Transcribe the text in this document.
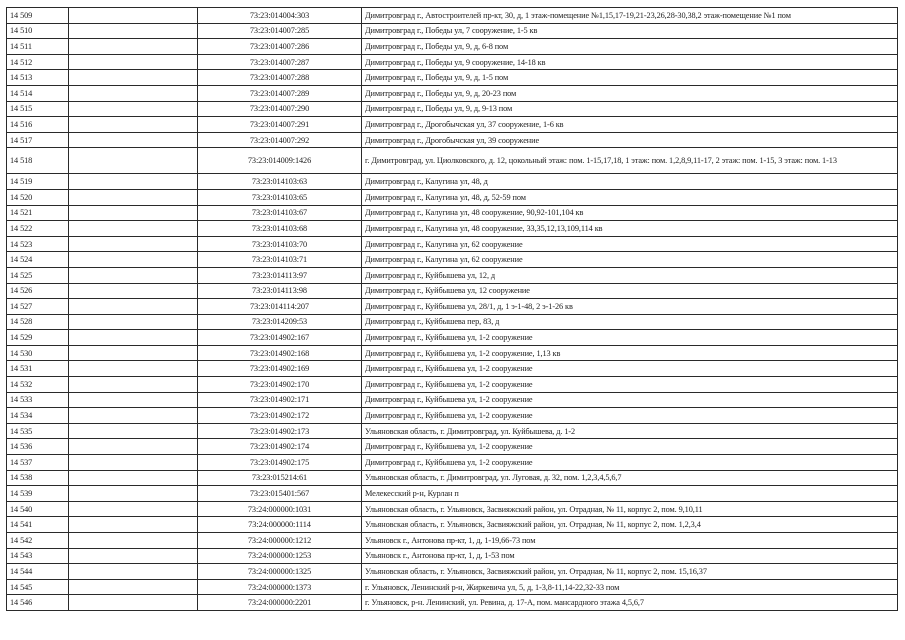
14 509		73:23:014004:303	Димитровград г., Автостроителей пр-кт, 30, д, 1 этаж-помещение №1,15,17-19,21-23,26,28-30,38,2 этаж-помещение №1 пом
14 510		73:23:014007:285	Димитровград г., Победы ул, 7 сооружение, 1-5 кв
14 511		73:23:014007:286	Димитровград г., Победы ул, 9, д, 6-8 пом
14 512		73:23:014007:287	Димитровград г., Победы ул, 9 сооружение, 14-18 кв
14 513		73:23:014007:288	Димитровград г., Победы ул, 9, д, 1-5 пом
14 514		73:23:014007:289	Димитровград г., Победы ул, 9, д, 20-23 пом
14 515		73:23:014007:290	Димитровград г., Победы ул, 9, д, 9-13 пом
14 516		73:23:014007:291	Димитровград г., Дрогобычская ул, 37 сооружение, 1-6 кв
14 517		73:23:014007:292	Димитровград г., Дрогобычская ул, 39 сооружение
14 518		73:23:014009:1426	г. Димитровград, ул. Циолковского, д. 12, цокольный этаж: пом. 1-15,17,18, 1 этаж: пом. 1,2,8,9,11-17, 2 этаж: пом. 1-15, 3 этаж: пом. 1-13
14 519		73:23:014103:63	Димитровград г., Калугина ул, 48, д
14 520		73:23:014103:65	Димитровград г., Калугина ул, 48, д, 52-59 пом
14 521		73:23:014103:67	Димитровград г., Калугина ул, 48 сооружение, 90,92-101,104 кв
14 522		73:23:014103:68	Димитровград г., Калугина ул, 48 сооружение, 33,35,12,13,109,114 кв
14 523		73:23:014103:70	Димитровград г., Калугина ул, 62 сооружение
14 524		73:23:014103:71	Димитровград г., Калугина ул, 62 сооружение
14 525		73:23:014113:97	Димитровград г., Куйбышева ул, 12, д
14 526		73:23:014113:98	Димитровград г., Куйбышева ул, 12 сооружение
14 527		73:23:014114:207	Димитровград г., Куйбышева ул, 28/1, д, 1 э-1-48, 2 э-1-26 кв
14 528		73:23:014209:53	Димитровград г., Куйбышева пер, 83, д
14 529		73:23:014902:167	Димитровград г., Куйбышева ул, 1-2 сооружение
14 530		73:23:014902:168	Димитровград г., Куйбышева ул, 1-2 сооружение, 1,13 кв
14 531		73:23:014902:169	Димитровград г., Куйбышева ул, 1-2 сооружение
14 532		73:23:014902:170	Димитровград г., Куйбышева ул, 1-2 сооружение
14 533		73:23:014902:171	Димитровград г., Куйбышева ул, 1-2 сооружение
14 534		73:23:014902:172	Димитровград г., Куйбышева ул, 1-2 сооружение
14 535		73:23:014902:173	Ульяновская область, г. Димитровград, ул. Куйбышева, д. 1-2
14 536		73:23:014902:174	Димитровград г., Куйбышева ул, 1-2 сооружение
14 537		73:23:014902:175	Димитровград г., Куйбышева ул, 1-2 сооружение
14 538		73:23:015214:61	Ульяновская область, г. Димитровград, ул. Луговая, д. 32, пом. 1,2,3,4,5,6,7
14 539		73:23:015401:567	Мелекесский р-н, Курлан п
14 540		73:24:000000:1031	Ульяновская область, г. Ульяновск, Засвияжский район, ул. Отрадная, № 11, корпус 2, пом. 9,10,11
14 541		73:24:000000:1114	Ульяновская область, г. Ульяновск, Засвияжский район, ул. Отрадная, № 11, корпус 2, пом. 1,2,3,4
14 542		73:24:000000:1212	Ульяновск г., Антонова пр-кт, 1, д, 1-19,66-73 пом
14 543		73:24:000000:1253	Ульяновск г., Антонова пр-кт, 1, д, 1-53 пом
14 544		73:24:000000:1325	Ульяновская область, г. Ульяновск, Засвияжский район, ул. Отрадная, № 11, корпус 2, пом. 15,16,37
14 545		73:24:000000:1373	г. Ульяновск, Ленинский р-н, Жиркевича ул, 5, д, 1-3,8-11,14-22,32-33 пом
14 546		73:24:000000:2201	г. Ульяновск, р-н. Ленинский, ул. Ревина, д. 17-А, пом. мансардного этажа 4,5,6,7
